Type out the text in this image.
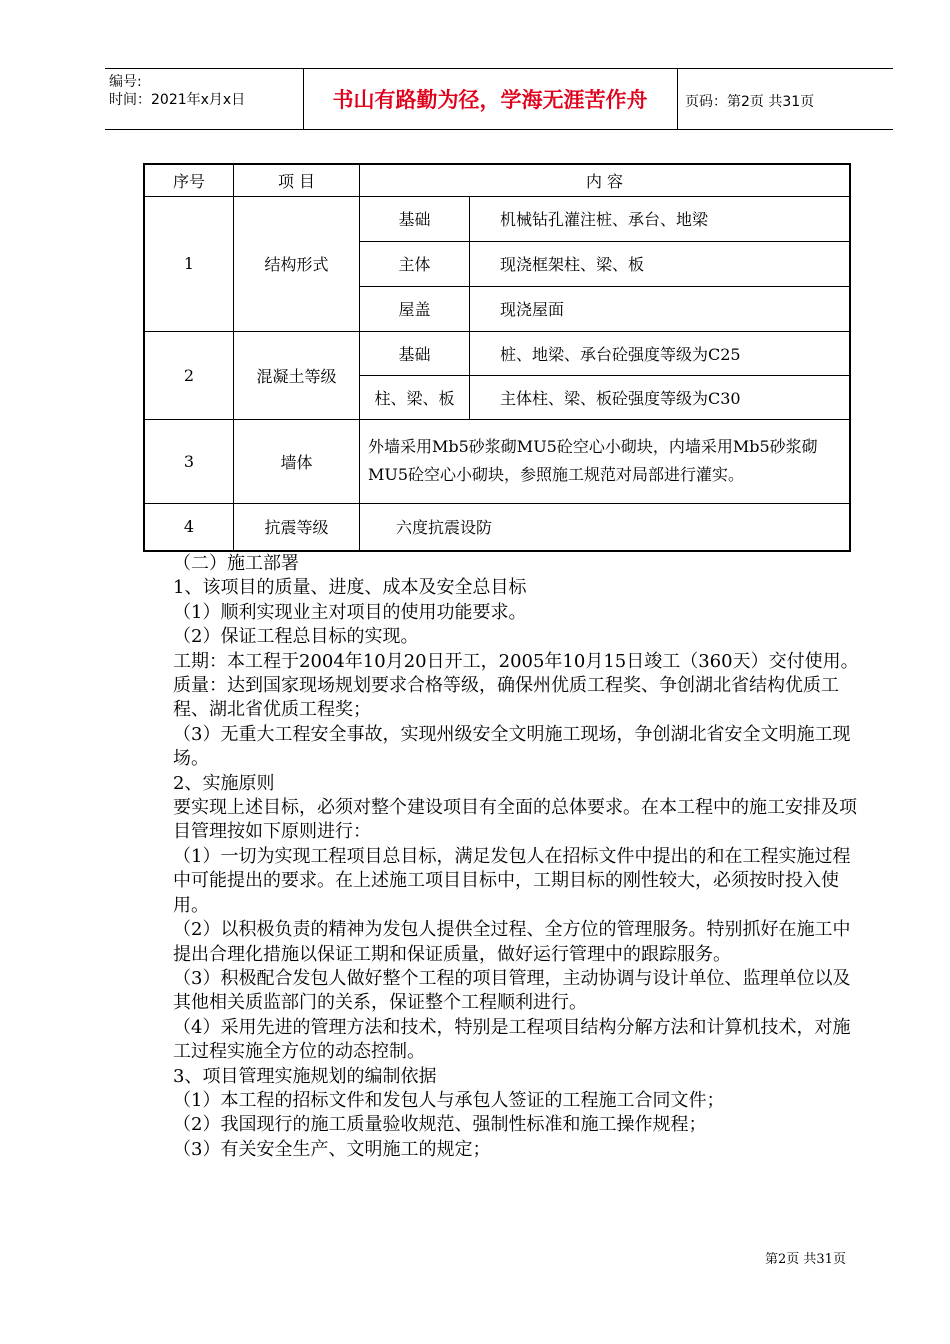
编号:
时间：2021年x月x日	书山有路勤为径，学海无涯苦作舟	页码：第2页 共31页
序号	项 目	内 容	
1	结构形式	基础	机械钻孔灌注桩、承台、地梁
		主体	现浇框架柱、梁、板
		屋盖	现浇屋面
2	混凝土等级	基础	桩、地梁、承台砼强度等级为C25
		柱、梁、板	主体柱、梁、板砼强度等级为C30
3	墙体	外墙采用Mb5砂浆砌MU5砼空心小砌块，内墙采用Mb5砂浆砌MU5砼空心小砌块，参照施工规范对局部进行灌实。	
4	抗震等级	六度抗震设防	

（二）施工部署

1、该项目的质量、进度、成本及安全总目标

（1）顺利实现业主对项目的使用功能要求。

（2）保证工程总目标的实现。

工期：本工程于2004年10月20日开工，2005年10月15日竣工（360天）交付使用。

质量：达到国家现场规划要求合格等级，确保州优质工程奖、争创湖北省结构优质工程、湖北省优质工程奖；

（3）无重大工程安全事故，实现州级安全文明施工现场，争创湖北省安全文明施工现场。

2、实施原则

要实现上述目标，必须对整个建设项目有全面的总体要求。在本工程中的施工安排及项目管理按如下原则进行：

（1）一切为实现工程项目总目标，满足发包人在招标文件中提出的和在工程实施过程中可能提出的要求。在上述施工项目目标中，工期目标的刚性较大，必须按时投入使用。

（2）以积极负责的精神为发包人提供全过程、全方位的管理服务。特别抓好在施工中提出合理化措施以保证工期和保证质量，做好运行管理中的跟踪服务。

（3）积极配合发包人做好整个工程的项目管理，主动协调与设计单位、监理单位以及其他相关质监部门的关系，保证整个工程顺利进行。

（4）采用先进的管理方法和技术，特别是工程项目结构分解方法和计算机技术，对施工过程实施全方位的动态控制。

3、项目管理实施规划的编制依据

（1）本工程的招标文件和发包人与承包人签证的工程施工合同文件；

（2）我国现行的施工质量验收规范、强制性标准和施工操作规程；

（3）有关安全生产、文明施工的规定；

第2页 共31页
